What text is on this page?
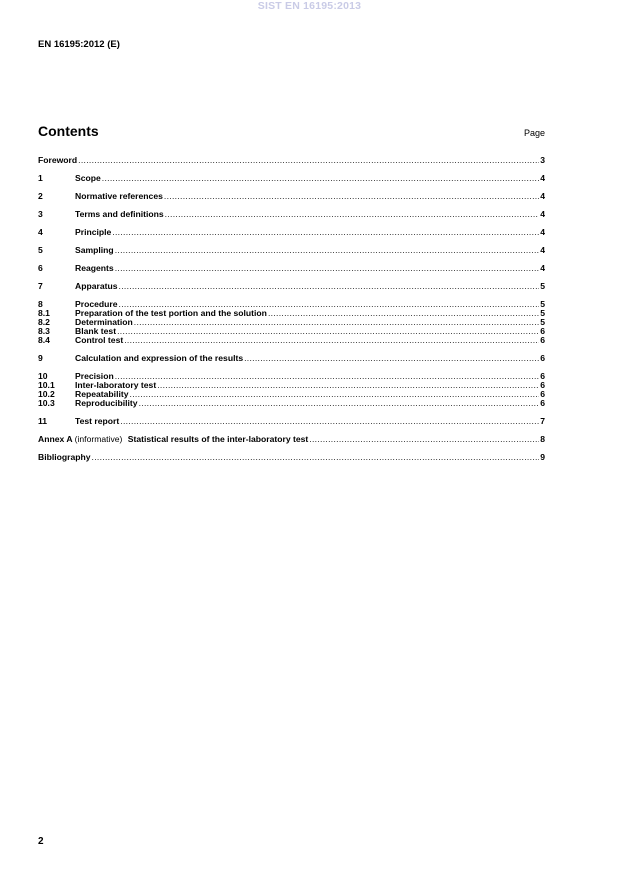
SIST EN 16195:2013
EN 16195:2012 (E)
Contents	Page
Foreword .....	3
1	Scope .....	4
2	Normative references .....	4
3	Terms and definitions .....	4
4	Principle .....	4
5	Sampling .....	4
6	Reagents .....	4
7	Apparatus .....	5
8	Procedure .....	5
8.1	Preparation of the test portion and the solution .....	5
8.2	Determination .....	5
8.3	Blank test .....	6
8.4	Control test .....	6
9	Calculation and expression of the results .....	6
10	Precision .....	6
10.1	Inter-laboratory test .....	6
10.2	Repeatability .....	6
10.3	Reproducibility .....	6
11	Test report .....	7
Annex A (informative) Statistical results of the inter-laboratory test .....	8
Bibliography .....	9
2
